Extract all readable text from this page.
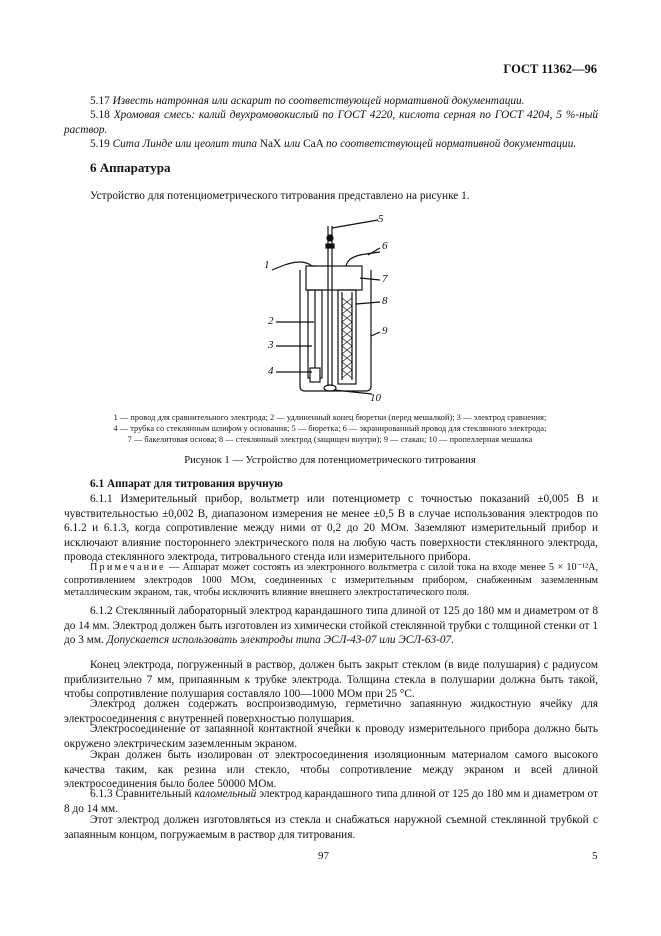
ГОСТ 11362—96

5.17 Известь натронная или аскарит по соответствующей нормативной документации.

5.18 Хромовая смесь: калий двухромовокислый по ГОСТ 4220, кислота серная по ГОСТ 4204, 5 %-ный раствор.

5.19 Сита Линде или цеолит типа NaX или CaA по соответствующей нормативной документации.

6 Аппаратура

Устройство для потенциометрического титрования представлено на рисунке 1.

1
2
3
4
5
6
7
8
9
10
1 — провод для сравнительного электрода; 2 — удлиненный конец бюретки (перед мешалкой); 3 — электрод сравнения;
4 — трубка со стеклянным шлифом у основания; 5 — бюретка; 6 — экранированный провод для стеклянного электрода;
7 — бакелитовая основа; 8 — стеклянный электрод (защищен внутри); 9 — стакан; 10 — пропеллерная мешалка
Рисунок 1 — Устройство для потенциометрического титрования
6.1 Аппарат для титрования вручную

6.1.1 Измерительный прибор, вольтметр или потенциометр с точностью показаний ±0,005 В и чувствительностью ±0,002 В, диапазоном измерения не менее ±0,5 В в случае использования электродов по 6.1.2 и 6.1.3, когда сопротивление между ними от 0,2 до 20 МОм. Заземляют измерительный прибор и исключают влияние постороннего электрического поля на любую часть поверхности стеклянного электрода, провода стеклянного электрода, титровального стенда или измерительного прибора.

Примечание — Аппарат может состоять из электронного вольтметра с силой тока на входе менее 5 × 10⁻¹²А, сопротивлением электродов 1000 МОм, соединенных с измерительным прибором, снабженным заземленным металлическим экраном, так, чтобы исключить влияние внешнего электростатического поля.

6.1.2 Стеклянный лабораторный электрод карандашного типа длиной от 125 до 180 мм и диаметром от 8 до 14 мм. Электрод должен быть изготовлен из химически стойкой стеклянной трубки с толщиной стенки от 1 до 3 мм. Допускается использовать электроды типа ЭСЛ-43-07 или ЭСЛ-63-07.

Конец электрода, погруженный в раствор, должен быть закрыт стеклом (в виде полушария) с радиусом приблизительно 7 мм, припаянным к трубке электрода. Толщина стекла в полушарии должна быть такой, чтобы сопротивление полушария составляло 100—1000 МОм при 25 °С.

Электрод должен содержать воспроизводимую, герметично запаянную жидкостную ячейку для электросоединения с внутренней поверхностью полушария.

Электросоединение от запаянной контактной ячейки к проводу измерительного прибора должно быть окружено электрическим заземленным экраном.

Экран должен быть изолирован от электросоединения изоляционным материалом самого высокого качества таким, как резина или стекло, чтобы сопротивление между экраном и всей длиной электросоединения было более 50000 МОм.

6.1.3 Сравнительный каломельный электрод карандашного типа длиной от 125 до 180 мм и диаметром от 8 до 14 мм.

Этот электрод должен изготовляться из стекла и снабжаться наружной съемной стеклянной трубкой с запаянным концом, погружаемым в раствор для титрования.

97	5
